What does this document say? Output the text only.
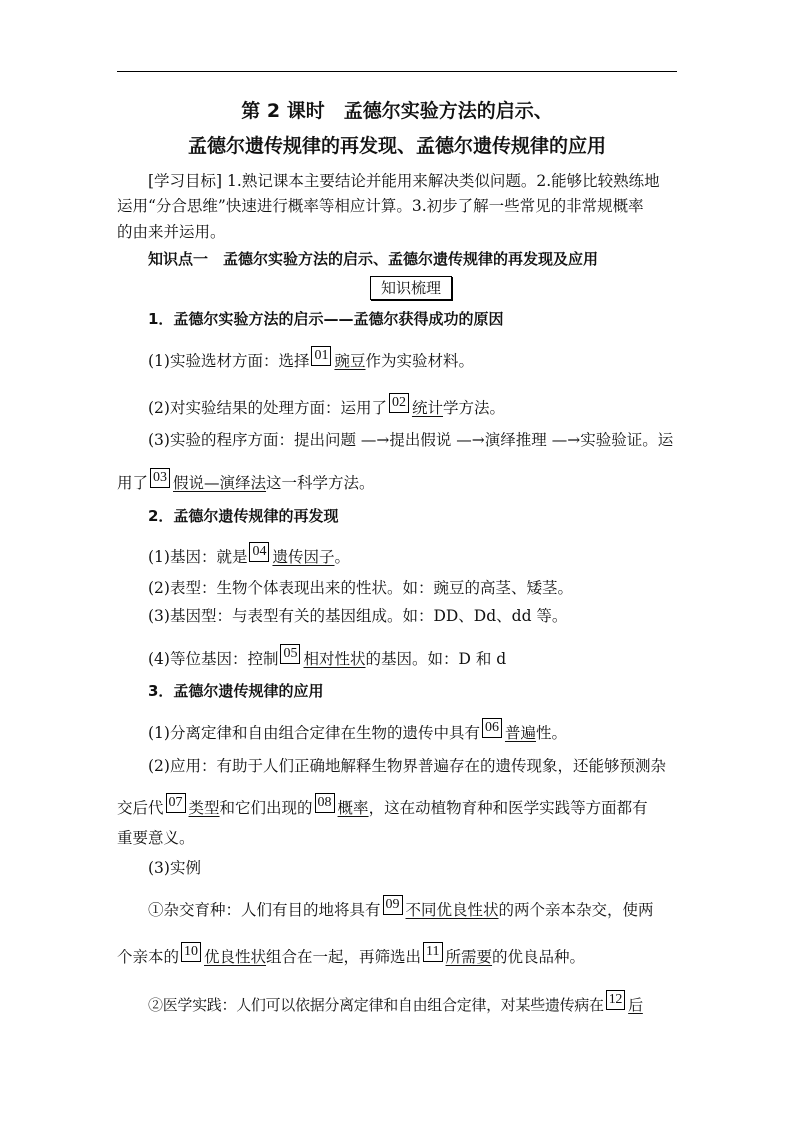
第 2 课时　孟德尔实验方法的启示、
孟德尔遗传规律的再发现、孟德尔遗传规律的应用
[学习目标] 1.熟记课本主要结论并能用来解决类似问题。2.能够比较熟练地
运用“分合思维”快速进行概率等相应计算。3.初步了解一些常见的非常规概率
的由来并运用。
知识点一　孟德尔实验方法的启示、孟德尔遗传规律的再发现及应用
知识梳理
1．孟德尔实验方法的启示——孟德尔获得成功的原因
(1)实验选材方面：选择 01 豌豆作为实验材料。
(2)对实验结果的处理方面：运用了 02 统计学方法。
(3)实验的程序方面：提出问题 —→提出假说 —→演绎推理 —→实验验证。运
用了 03 假说—演绎法这一科学方法。
2．孟德尔遗传规律的再发现
(1)基因：就是 04 遗传因子。
(2)表型：生物个体表现出来的性状。如：豌豆的高茎、矮茎。
(3)基因型：与表型有关的基因组成。如：DD、Dd、dd 等。
(4)等位基因：控制 05 相对性状的基因。如：D 和 d
3．孟德尔遗传规律的应用
(1)分离定律和自由组合定律在生物的遗传中具有 06 普遍性。
(2)应用：有助于人们正确地解释生物界普遍存在的遗传现象，还能够预测杂
交后代 07 类型和它们出现的 08 概率，这在动植物育种和医学实践等方面都有
重要意义。
(3)实例
①杂交育种：人们有目的地将具有 09 不同优良性状的两个亲本杂交，使两
个亲本的 10 优良性状组合在一起，再筛选出 11 所需要的优良品种。
②医学实践：人们可以依据分离定律和自由组合定律，对某些遗传病在 12 后
